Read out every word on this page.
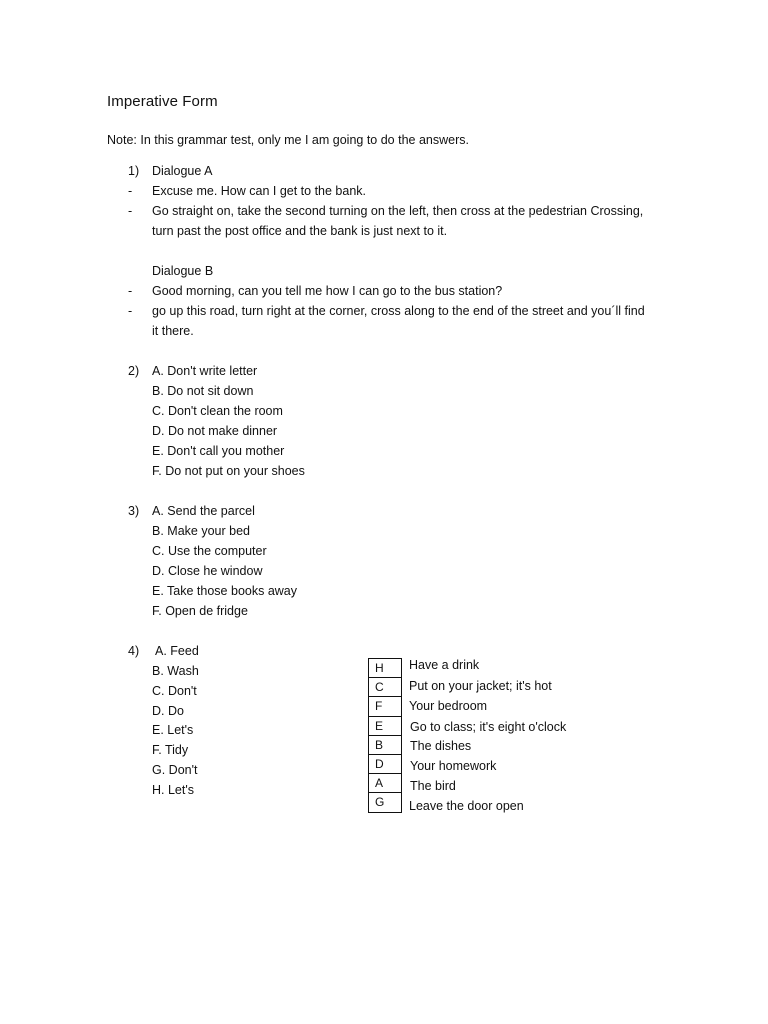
Imperative Form
Note: In this grammar test, only me I am going to do the answers.
1) Dialogue A
- Excuse me. How can I get to the bank.
- Go straight on, take the second turning on the left, then cross at the pedestrian Crossing,
turn past the post office and the bank is just next to it.
Dialogue B
- Good morning, can you tell me how I can go to the bus station?
- go up this road, turn right at the corner, cross along to the end of the street and you´ll find
it there.
2) A. Don't write letter
B. Do not sit down
C. Don't clean the room
D. Do not make dinner
E. Don't call you mother
F. Do not put on your shoes
3) A. Send the parcel
B. Make your bed
C. Use the computer
D. Close he window
E. Take those books away
F. Open de fridge
4) A. Feed
B. Wash
C. Don't
D. Do
E. Let's
F. Tidy
G. Don't
H. Let's
H
C
F
E
B
D
A
G
Have a drink
Put on your jacket; it's hot
Your bedroom
Go to class; it's eight o'clock
The dishes
Your homework
The bird
Leave the door open
